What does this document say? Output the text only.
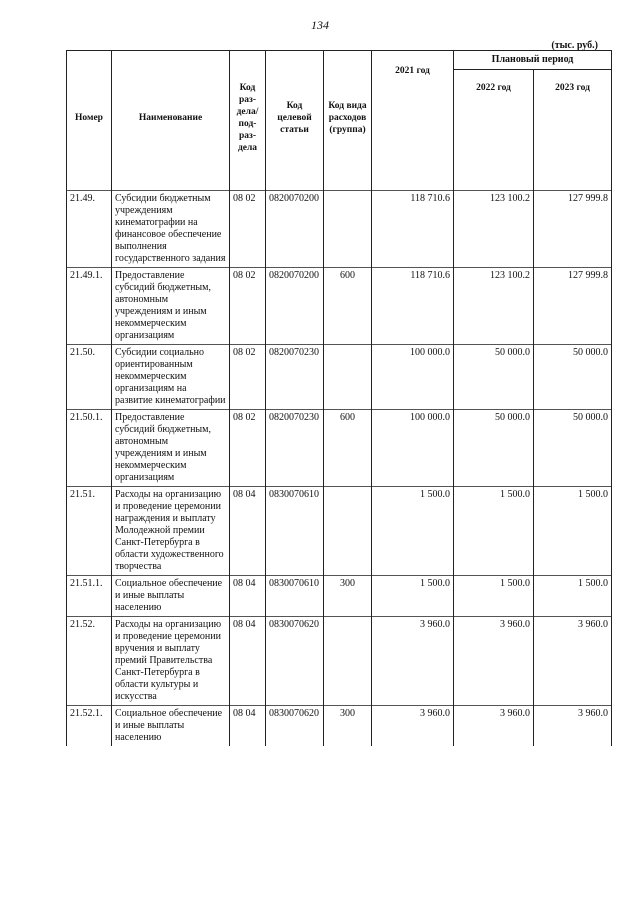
134
(тыс. руб.)
Номер	Наименование	Код раз-дела/ под-раз-дела	Код целевой статьи	Код вида расходов (группа)	2021 год	Плановый период	
						2022 год	2023 год

21.49.	Субсидии бюджетным учреждениям кинематографии на финансовое обеспечение выполнения государственного задания	08 02	0820070200		118 710.6	123 100.2	127 999.8
21.49.1.	Предоставление субсидий бюджетным, автономным учреждениям и иным некоммерческим организациям	08 02	0820070200	600	118 710.6	123 100.2	127 999.8
21.50.	Субсидии социально ориентированным некоммерческим организациям на развитие кинематографии	08 02	0820070230		100 000.0	50 000.0	50 000.0
21.50.1.	Предоставление субсидий бюджетным, автономным учреждениям и иным некоммерческим организациям	08 02	0820070230	600	100 000.0	50 000.0	50 000.0
21.51.	Расходы на организацию и проведение церемонии награждения и выплату Молодежной премии Санкт-Петербурга в области художественного творчества	08 04	0830070610		1 500.0	1 500.0	1 500.0
21.51.1.	Социальное обеспечение и иные выплаты населению	08 04	0830070610	300	1 500.0	1 500.0	1 500.0
21.52.	Расходы на организацию и проведение церемонии вручения и выплату премий Правительства Санкт-Петербурга в области культуры и искусства	08 04	0830070620		3 960.0	3 960.0	3 960.0
21.52.1.	Социальное обеспечение и иные выплаты населению	08 04	0830070620	300	3 960.0	3 960.0	3 960.0
